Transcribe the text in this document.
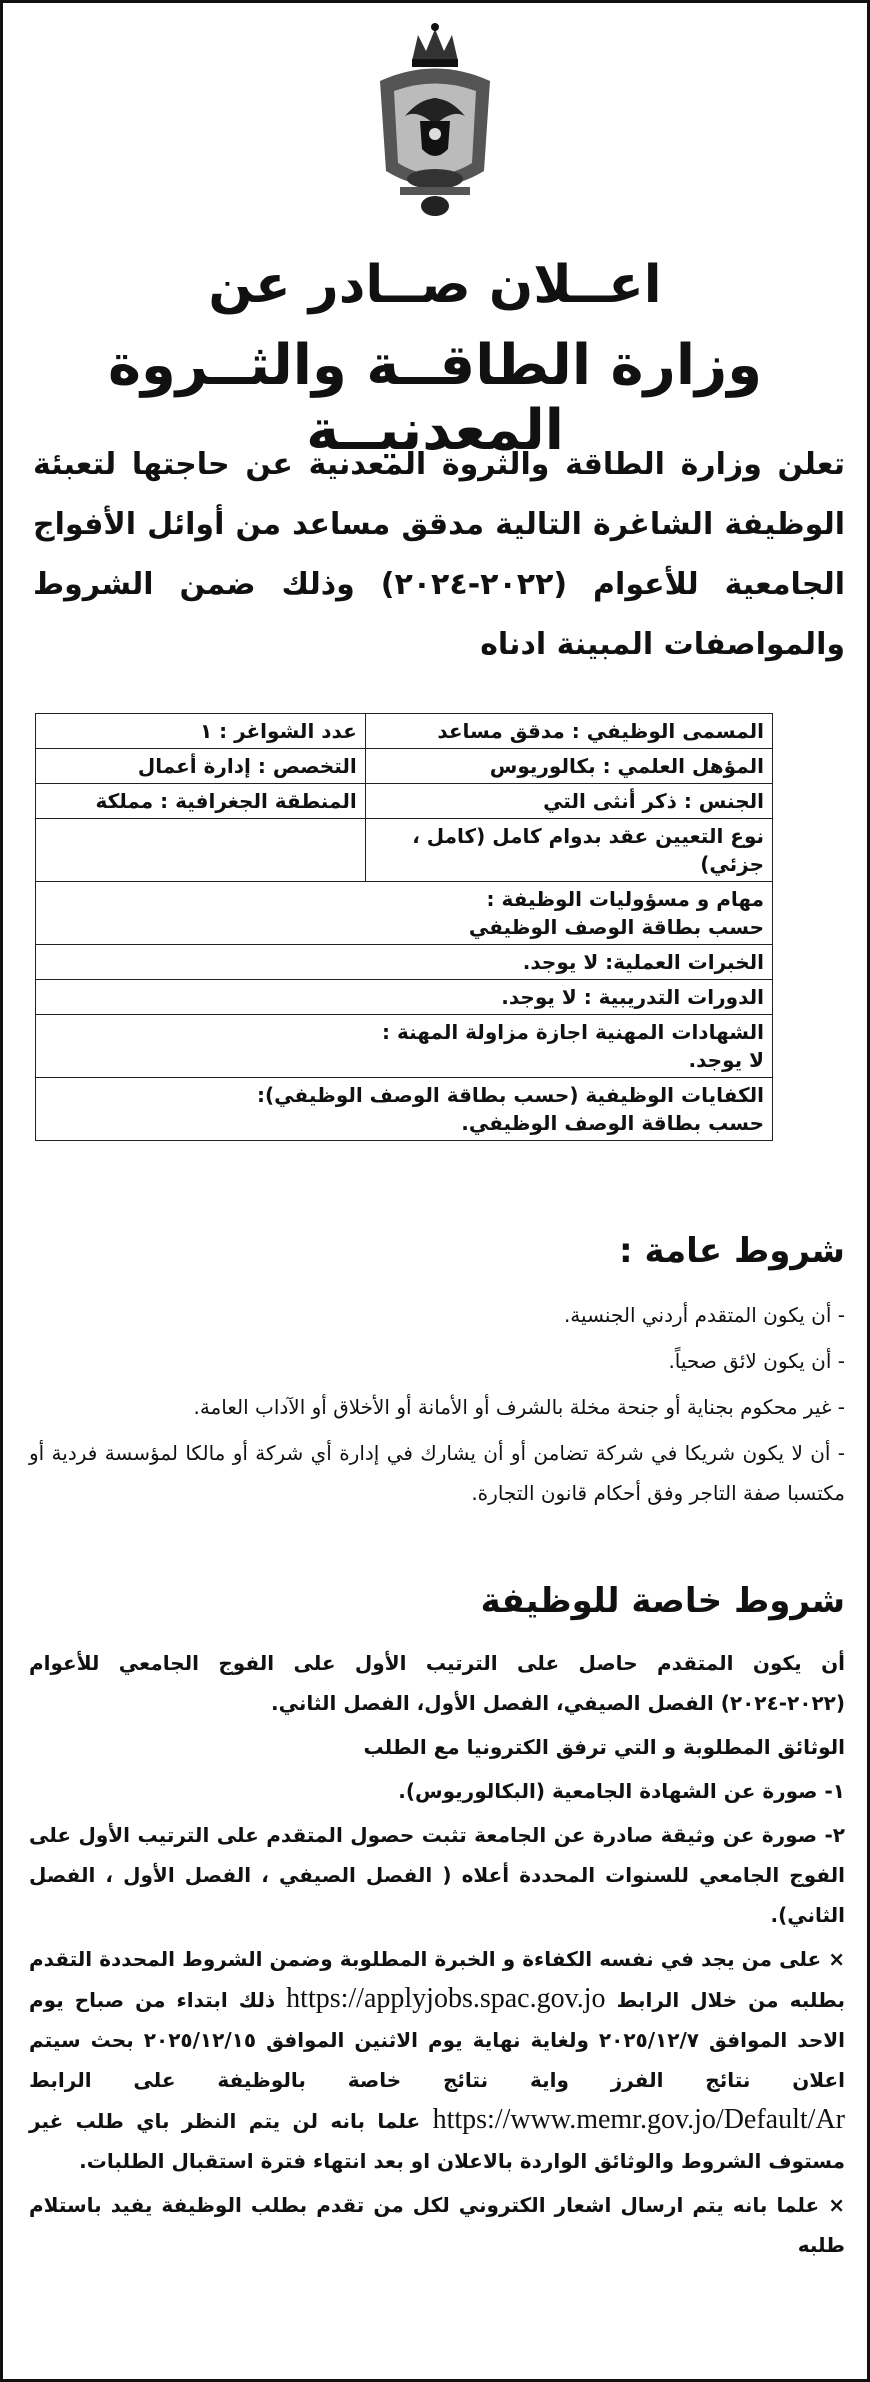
اعــلان صــادر عن
وزارة الطاقــة والثــروة المعدنيــة
تعلن وزارة الطاقة والثروة المعدنية عن حاجتها لتعبئة الوظيفة الشاغرة التالية مدقق مساعد من أوائل الأفواج الجامعية للأعوام (٢٠٢٢-٢٠٢٤) وذلك ضمن الشروط والمواصفات المبينة ادناه
المسمى الوظيفي : مدقق مساعد	عدد الشواغر : ١
المؤهل العلمي : بكالوريوس	التخصص : إدارة أعمال
الجنس : ذكر أنثى التي	المنطقة الجغرافية : مملكة
نوع التعيين عقد بدوام كامل (كامل ، جزئي)	

مهام و مسؤوليات الوظيفة :
حسب بطاقة الوصف الوظيفي	

الخبرات العملية: لا يوجد.	
الدورات التدريبية : لا يوجد.	

الشهادات المهنية اجازة مزاولة المهنة :
لا يوجد.	

الكفايات الوظيفية (حسب بطاقة الوصف الوظيفي):
حسب بطاقة الوصف الوظيفي.	
شروط عامة :

- أن يكون المتقدم أردني الجنسية.

- أن يكون لائق صحياً.

- غير محكوم بجناية أو جنحة مخلة بالشرف أو الأمانة أو الأخلاق أو الآداب العامة.

- أن لا يكون شريكا في شركة تضامن أو أن يشارك في إدارة أي شركة أو مالكا لمؤسسة فردية أو مكتسبا صفة التاجر وفق أحكام قانون التجارة.

شروط خاصة للوظيفة

أن يكون المتقدم حاصل على الترتيب الأول على الفوج الجامعي للأعوام (٢٠٢٢-٢٠٢٤) الفصل الصيفي، الفصل الأول، الفصل الثاني.

الوثائق المطلوبة و التي ترفق الكترونيا مع الطلب

١- صورة عن الشهادة الجامعية (البكالوريوس).

٢- صورة عن وثيقة صادرة عن الجامعة تثبت حصول المتقدم على الترتيب الأول على الفوج الجامعي للسنوات المحددة أعلاه ( الفصل الصيفي ، الفصل الأول ، الفصل الثاني).

× على من يجد في نفسه الكفاءة و الخبرة المطلوبة وضمن الشروط المحددة التقدم بطلبه من خلال الرابط https://applyjobs.spac.gov.jo ذلك ابتداء من صباح يوم الاحد الموافق ٢٠٢٥/١٢/٧ ولغاية نهاية يوم الاثنين الموافق ٢٠٢٥/١٢/١٥ بحث سيتم اعلان نتائج الفرز واية نتائج خاصة بالوظيفة على الرابط https://www.memr.gov.jo/Default/Ar علما بانه لن يتم النظر باي طلب غير مستوف الشروط والوثائق الواردة بالاعلان او بعد انتهاء فترة استقبال الطلبات.

× علما بانه يتم ارسال اشعار الكتروني لكل من تقدم بطلب الوظيفة يفيد باستلام طلبه
